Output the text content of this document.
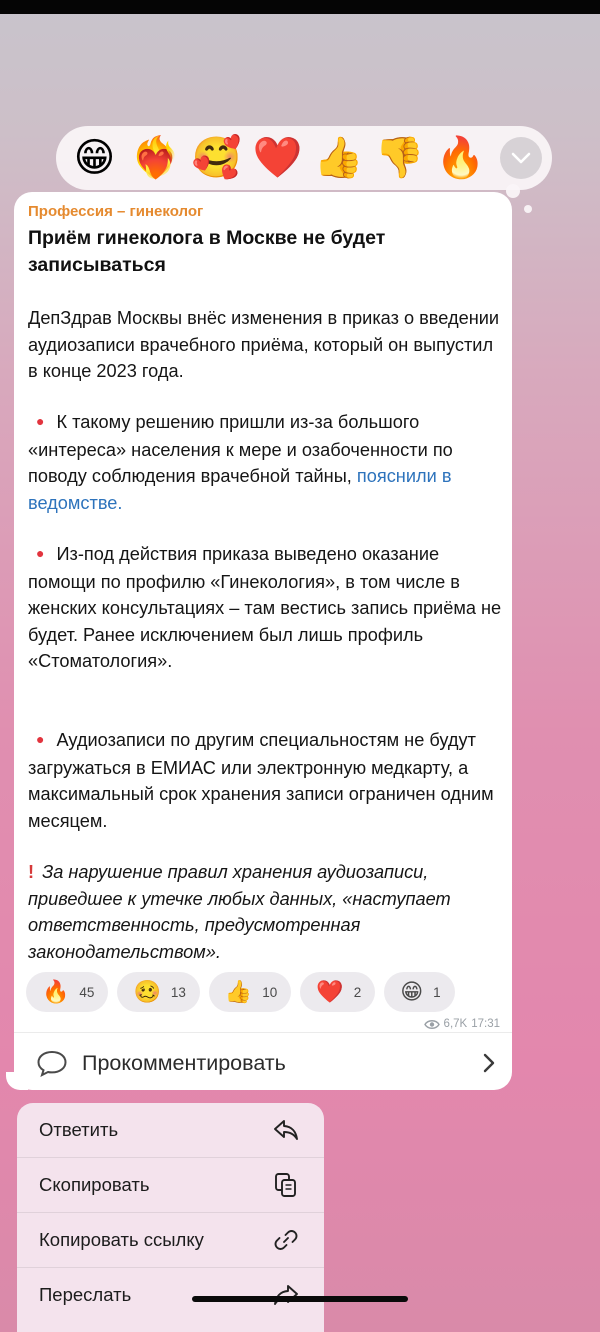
😁 ❤️‍🔥 🥰 ❤️ 👍 👎 🔥
Профессия – гинеколог
Приём гинеколога в Москве не будет записываться
ДепЗдрав Москвы внёс изменения в приказ о введении аудиозаписи врачебного приёма, который он выпустил в конце 2023 года.
● К такому решению пришли из-за большого «интереса» населения к мере и озабоченности по поводу соблюдения врачебной тайны, пояснили в ведомстве.
● Из-под действия приказа выведено оказание помощи по профилю «Гинекология», в том числе в женских консультациях – там вестись запись приёма не будет. Ранее исключением был лишь профиль «Стоматология».
● Аудиозаписи по другим специальностям не будут загружаться в ЕМИАС или электронную медкарту, а максимальный срок хранения записи ограничен одним месяцем.
! За нарушение правил хранения аудиозаписи, приведшее к утечке любых данных, «наступает ответственность, предусмотренная законодательством».
🔥 45 🥴 13 👍 10 ❤️ 2 😁 1
6,7K 17:31
Прокомментировать
Ответить
Скопировать
Копировать ссылку
Переслать
